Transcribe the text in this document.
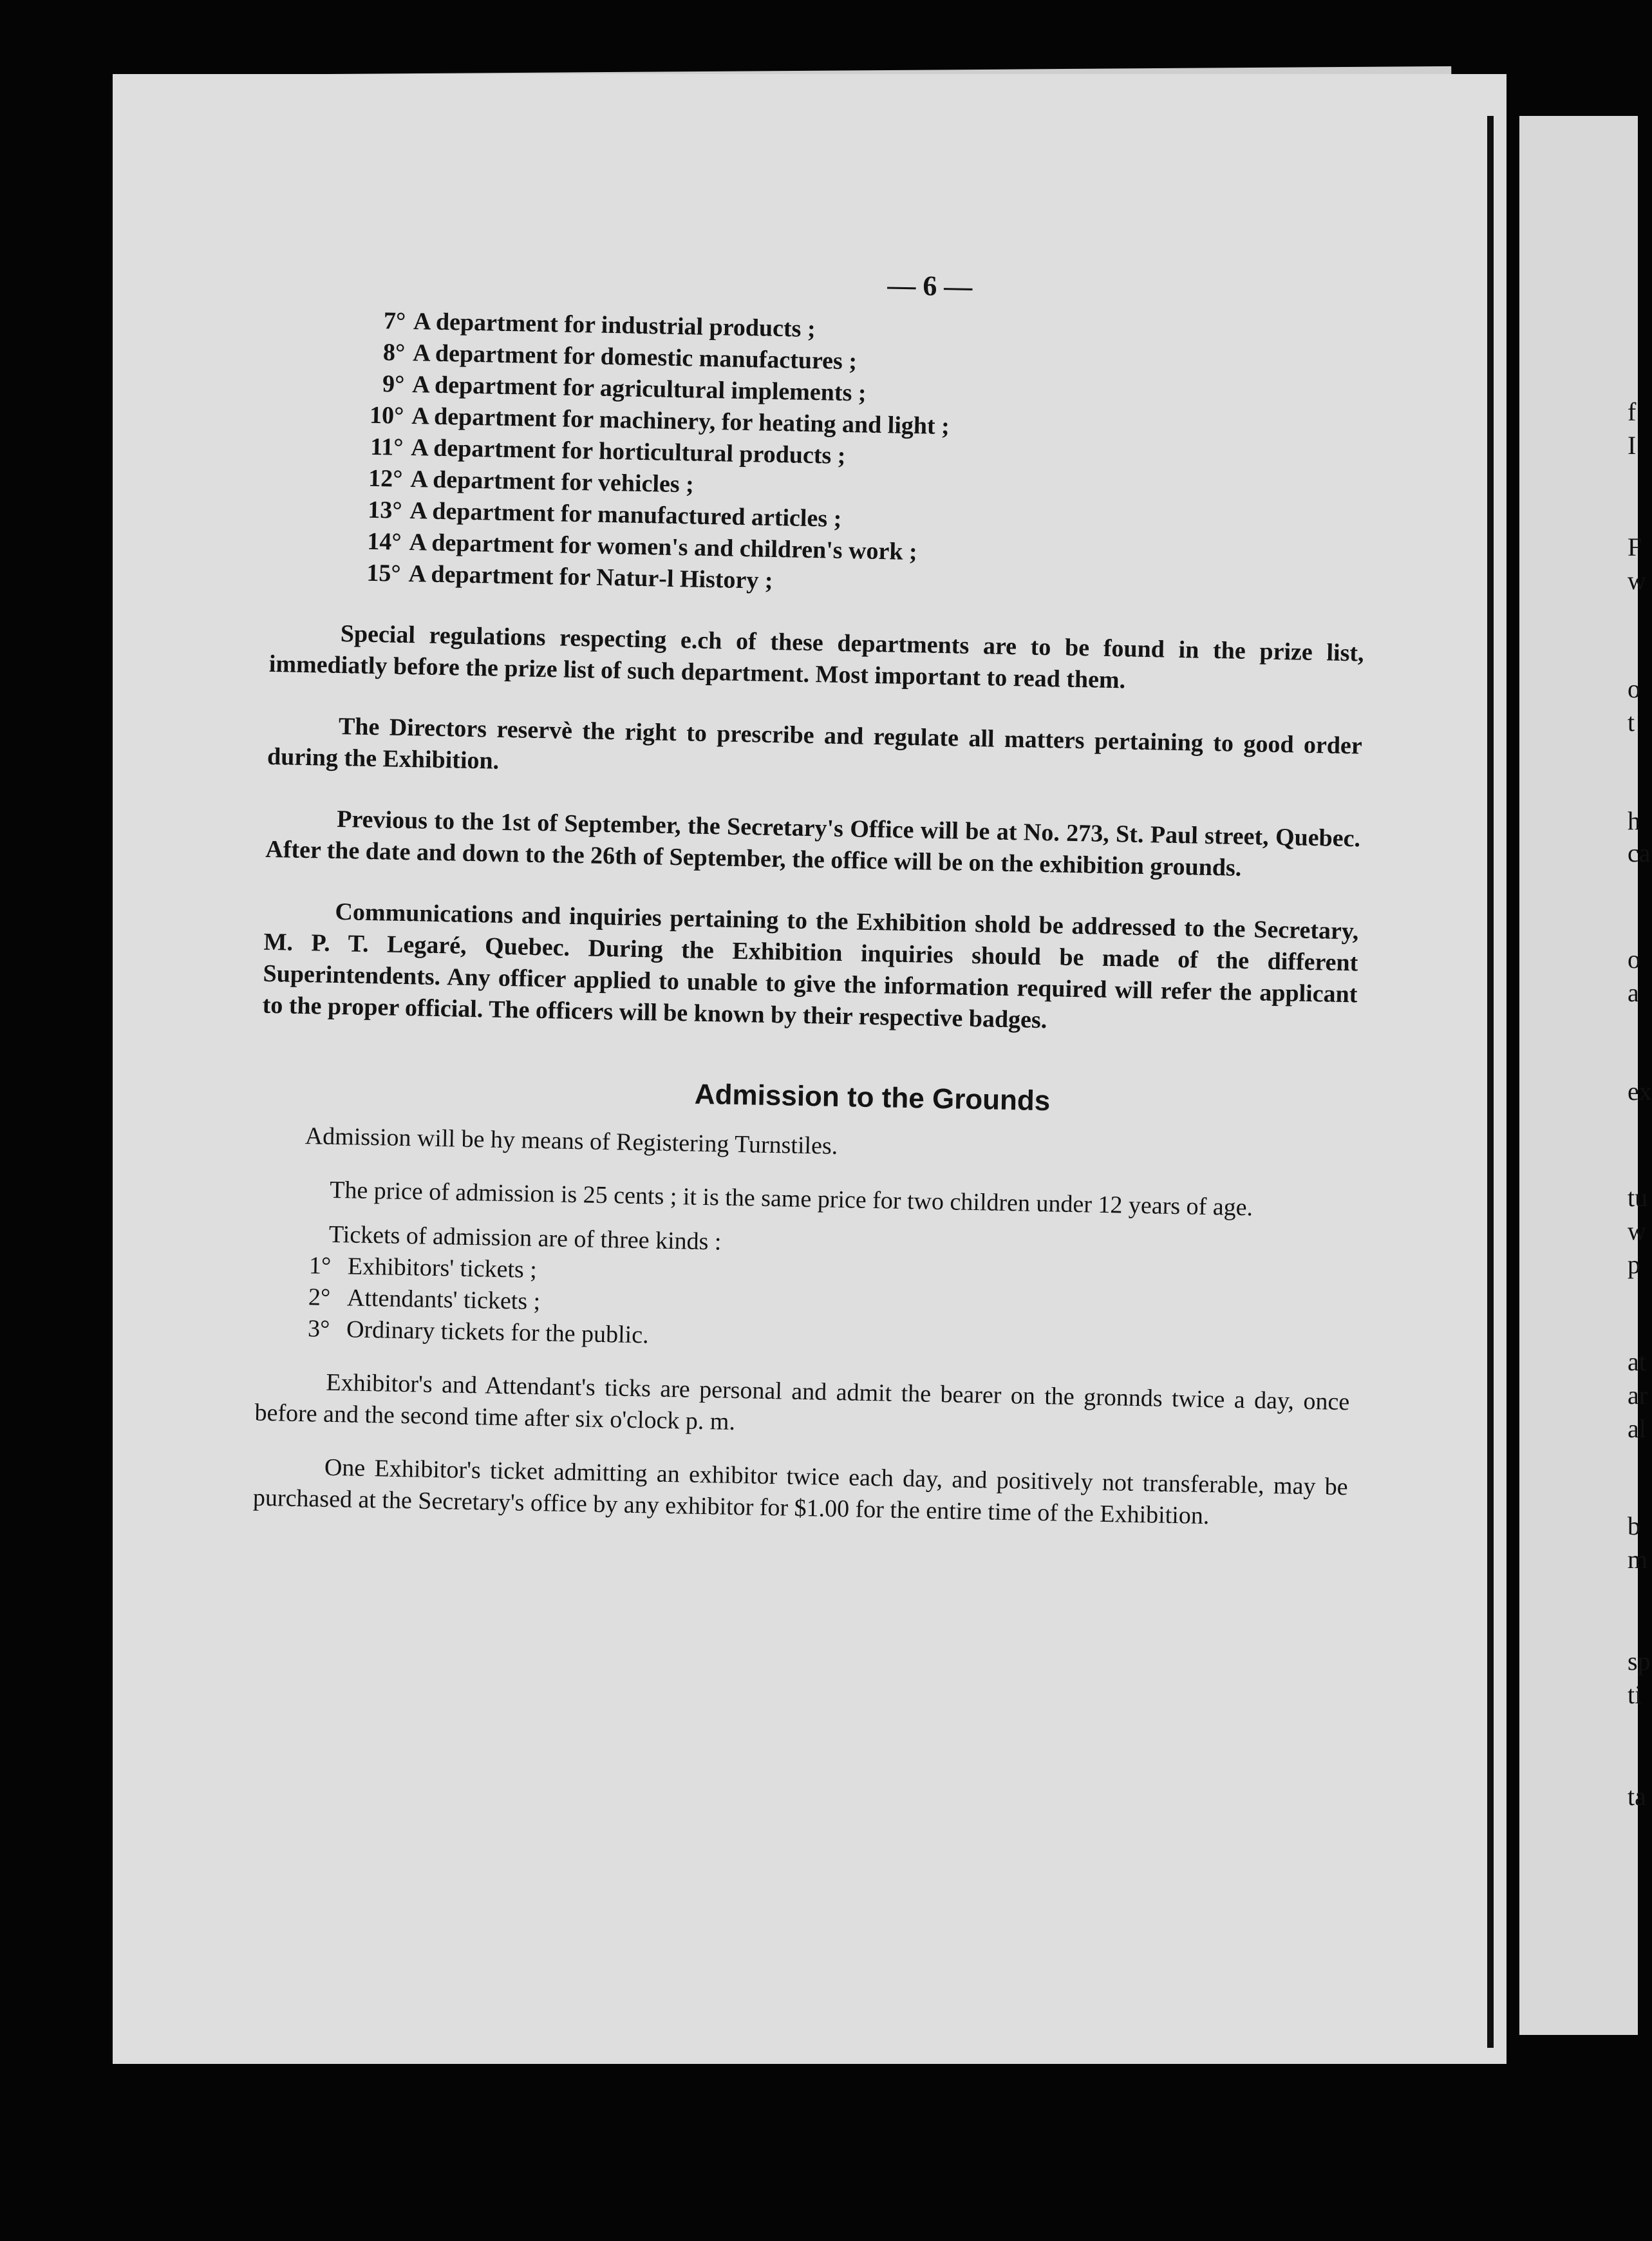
— 6 —
7° A department for industrial products ;
8° A department for domestic manufactures ;
9° A department for agricultural implements ;
10° A department for machinery, for heating and light ;
11° A department for horticultural products ;
12° A department for vehicles ;
13° A department for manufactured articles ;
14° A department for women's and children's work ;
15° A department for Natur‑l History ;

Special regulations respecting e.ch of these departments are to be found in the prize list, immediatly before the prize list of such department. Most important to read them.

The Directors reservè the right to prescribe and regulate all matters pertaining to good order during the Exhibition.

Previous to the 1st of September, the Secretary's Office will be at No. 273, St. Paul street, Quebec. After the date and down to the 26th of September, the office will be on the exhibition grounds.

Communications and inquiries pertaining to the Exhibition shold be addressed to the Secretary, M. P. T. Legaré, Quebec. During the Exhibition inquiries should be made of the different Superintendents. Any officer applied to unable to give the information required will refer the applicant to the proper official. The officers will be known by their respective badges.

Admission to the Grounds

Admission will be hy means of Registering Turnstiles.

The price of admission is 25 cents ; it is the same price for two children under 12 years of age.

Tickets of admission are of three kinds :

1° Exhibitors' tickets ;
2° Attendants' tickets ;
3° Ordinary tickets for the public.

Exhibitor's and Attendant's ticks are personal and admit the bearer on the gronnds twice a day, once before and the second time after six o'clock p. m.

One Exhibitor's ticket admitting an exhibitor twice each day, and positively not transferable, may be purchased at the Secretary's office by any exhibitor for $1.00 for the entire time of the Exhibition.

f
I
F
w
o
t
h
ca
o
a
ex
tu
w
p
at
ar
al
b
m
sp
ti
ta
